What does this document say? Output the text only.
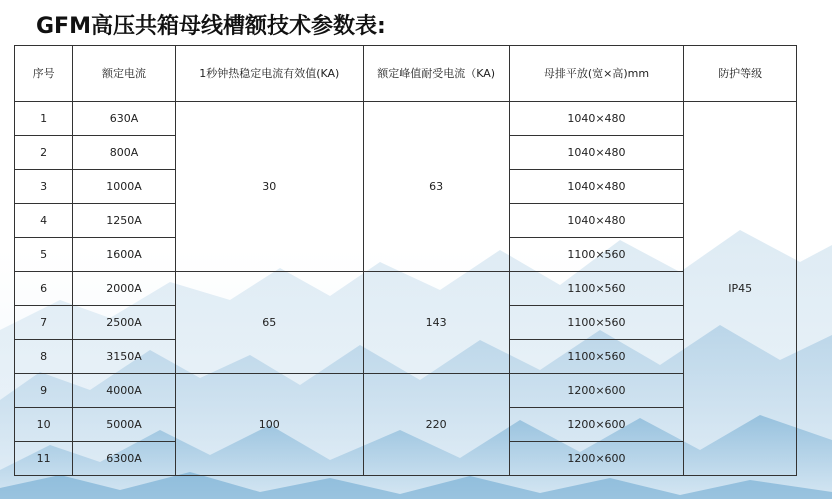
GFM高压共箱母线槽额技术参数表:
序号	额定电流	1秒钟热稳定电流有效值(KA)	额定峰值耐受电流（KA)	母排平放(宽×高)mm	防护等级
1	630A	30	63	1040×480	IP45
2	800A			1040×480	
3	1000A			1040×480	
4	1250A			1040×480	
5	1600A			1100×560	
6	2000A	65	143	1100×560	
7	2500A			1100×560	
8	3150A			1100×560	
9	4000A	100	220	1200×600	
10	5000A			1200×600	
11	6300A			1200×600	
